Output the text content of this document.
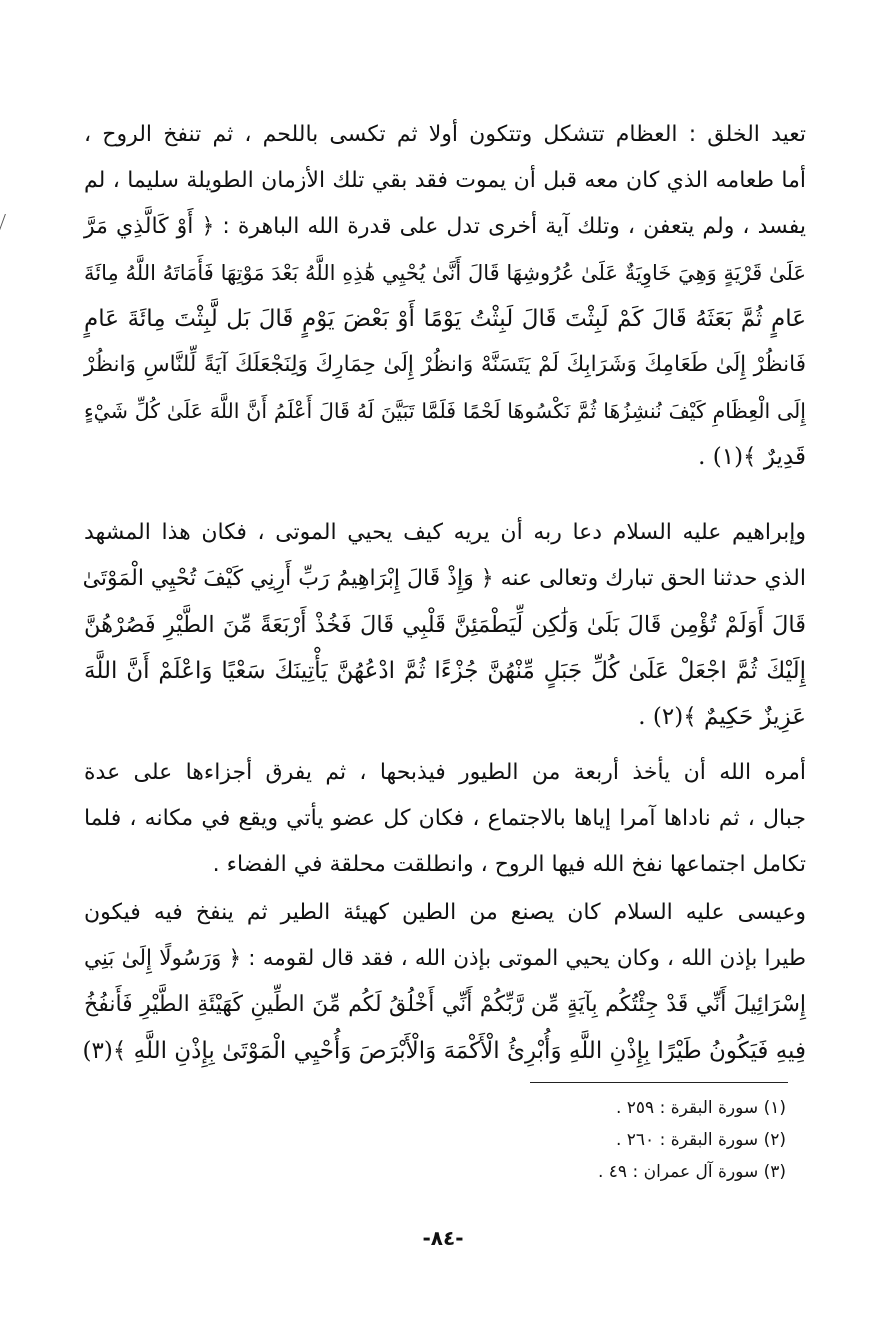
تعيد الخلق : العظام تتشكل وتتكون أولا ثم تكسى باللحم ، ثم تنفخ الروح ،
أما طعامه الذي كان معه قبل أن يموت فقد بقي تلك الأزمان الطويلة سليما ، لم
يفسد ، ولم يتعفن ، وتلك آية أخرى تدل على قدرة الله الباهرة : ﴿ أَوْ كَالَّذِي مَرَّ
عَلَىٰ قَرْيَةٍ وَهِيَ خَاوِيَةٌ عَلَىٰ عُرُوشِهَا قَالَ أَنَّىٰ يُحْيِي هَٰذِهِ اللَّهُ بَعْدَ مَوْتِهَا فَأَمَاتَهُ اللَّهُ مِائَةَ
عَامٍ ثُمَّ بَعَثَهُ قَالَ كَمْ لَبِثْتَ قَالَ لَبِثْتُ يَوْمًا أَوْ بَعْضَ يَوْمٍ قَالَ بَل لَّبِثْتَ مِائَةَ عَامٍ
فَانظُرْ إِلَىٰ طَعَامِكَ وَشَرَابِكَ لَمْ يَتَسَنَّهْ وَانظُرْ إِلَىٰ حِمَارِكَ وَلِنَجْعَلَكَ آيَةً لِّلنَّاسِ وَانظُرْ
إِلَى الْعِظَامِ كَيْفَ نُنشِزُهَا ثُمَّ نَكْسُوهَا لَحْمًا فَلَمَّا تَبَيَّنَ لَهُ قَالَ أَعْلَمُ أَنَّ اللَّهَ عَلَىٰ كُلِّ شَيْءٍ
قَدِيرٌ ﴾(١) .
وإبراهيم عليه السلام دعا ربه أن يريه كيف يحيي الموتى ، فكان هذا المشهد
الذي حدثنا الحق تبارك وتعالى عنه ﴿ وَإِذْ قَالَ إِبْرَاهِيمُ رَبِّ أَرِنِي كَيْفَ تُحْيِي الْمَوْتَىٰ
قَالَ أَوَلَمْ تُؤْمِن قَالَ بَلَىٰ وَلَٰكِن لِّيَطْمَئِنَّ قَلْبِي قَالَ فَخُذْ أَرْبَعَةً مِّنَ الطَّيْرِ فَصُرْهُنَّ
إِلَيْكَ ثُمَّ اجْعَلْ عَلَىٰ كُلِّ جَبَلٍ مِّنْهُنَّ جُزْءًا ثُمَّ ادْعُهُنَّ يَأْتِينَكَ سَعْيًا وَاعْلَمْ أَنَّ اللَّهَ
عَزِيزٌ حَكِيمٌ ﴾(٢) .
أمره الله أن يأخذ أربعة من الطيور فيذبحها ، ثم يفرق أجزاءها على عدة
جبال ، ثم ناداها آمرا إياها بالاجتماع ، فكان كل عضو يأتي ويقع في مكانه ، فلما
تكامل اجتماعها نفخ الله فيها الروح ، وانطلقت محلقة في الفضاء .
وعيسى عليه السلام كان يصنع من الطين كهيئة الطير ثم ينفخ فيه فيكون
طيرا بإذن الله ، وكان يحيي الموتى بإذن الله ، فقد قال لقومه : ﴿ وَرَسُولًا إِلَىٰ بَنِي
إِسْرَائِيلَ أَنِّي قَدْ جِئْتُكُم بِآيَةٍ مِّن رَّبِّكُمْ أَنِّي أَخْلُقُ لَكُم مِّنَ الطِّينِ كَهَيْئَةِ الطَّيْرِ فَأَنفُخُ
فِيهِ فَيَكُونُ طَيْرًا بِإِذْنِ اللَّهِ وَأُبْرِئُ الْأَكْمَهَ وَالْأَبْرَصَ وَأُحْيِي الْمَوْتَىٰ بِإِذْنِ اللَّهِ ﴾(٣)
(١) سورة البقرة : ٢٥٩ .
(٢) سورة البقرة : ٢٦٠ .
(٣) سورة آل عمران : ٤٩ .
-٨٤-
